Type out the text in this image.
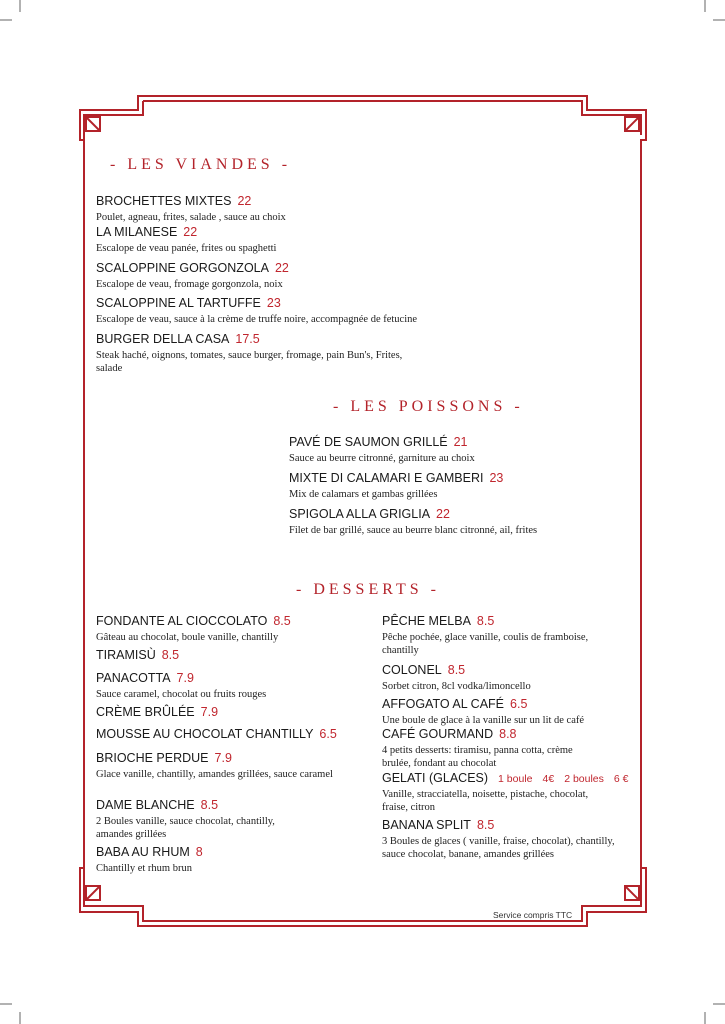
- LES VIANDES -
BROCHETTES MIXTES 22
Poulet, agneau, frites, salade , sauce au choix
LA MILANESE 22
Escalope de veau panée, frites ou spaghetti
SCALOPPINE GORGONZOLA 22
Escalope de veau, fromage gorgonzola, noix
SCALOPPINE AL TARTUFFE 23
Escalope de veau, sauce à la crème de truffe noire, accompagnée de fetucine
BURGER DELLA CASA 17.5
Steak haché, oignons, tomates, sauce burger, fromage, pain Bun's, Frites, salade
- LES POISSONS -
PAVÉ DE SAUMON GRILLÉ 21
Sauce au beurre citronné, garniture au choix
MIXTE DI CALAMARI E GAMBERI 23
Mix de calamars et gambas grillées
SPIGOLA ALLA GRIGLIA 22
Filet de bar grillé, sauce au beurre blanc citronné, ail, frites
- DESSERTS -
FONDANTE AL CIOCCOLATO 8.5
Gâteau au chocolat, boule vanille, chantilly
TIRAMISÙ 8.5
PANACOTTA 7.9
Sauce caramel, chocolat ou fruits rouges
CRÈME BRÛLÉE 7.9
MOUSSE AU CHOCOLAT CHANTILLY 6.5
BRIOCHE PERDUE 7.9
Glace vanille, chantilly, amandes grillées, sauce caramel
DAME BLANCHE 8.5
2 Boules vanille, sauce chocolat, chantilly, amandes grillées
BABA AU RHUM 8
Chantilly et rhum brun
PÊCHE MELBA 8.5
Pêche pochée, glace vanille, coulis de framboise, chantilly
COLONEL 8.5
Sorbet citron, 8cl vodka/limoncello
AFFOGATO AL CAFÉ 6.5
Une boule de glace à la vanille sur un lit de café
CAFÉ GOURMAND 8.8
4 petits desserts: tiramisu, panna cotta, crème brulée, fondant au chocolat
GELATI (GLACES) 1 boule 4€ 2 boules 6 €
Vanille, stracciatella, noisette, pistache, chocolat, fraise, citron
BANANA SPLIT 8.5
3 Boules de glaces ( vanille, fraise, chocolat), chantilly, sauce chocolat, banane, amandes grillées
Service compris TTC
